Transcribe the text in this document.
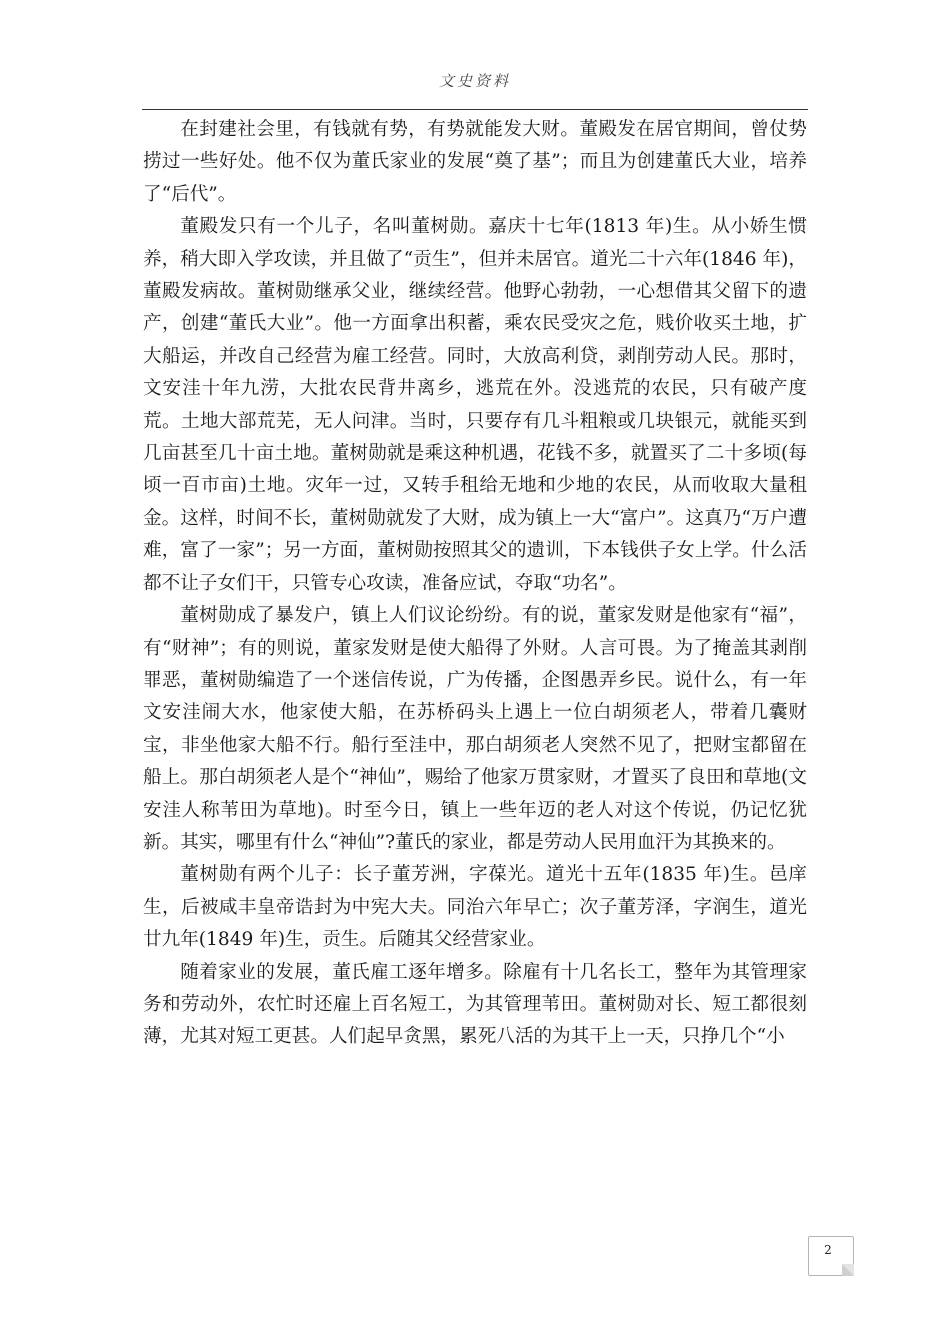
文史资料

在封建社会里，有钱就有势，有势就能发大财。董殿发在居官期间，曾仗势捞过一些好处。他不仅为董氏家业的发展“奠了基”；而且为创建董氏大业，培养了“后代”。

董殿发只有一个儿子，名叫董树勋。嘉庆十七年(1813 年)生。从小娇生惯养，稍大即入学攻读，并且做了“贡生”，但并未居官。道光二十六年(1846 年)，董殿发病故。董树勋继承父业，继续经营。他野心勃勃，一心想借其父留下的遗产，创建“董氏大业”。他一方面拿出积蓄，乘农民受灾之危，贱价收买土地，扩大船运，并改自己经营为雇工经营。同时，大放高利贷，剥削劳动人民。那时，文安洼十年九涝，大批农民背井离乡，逃荒在外。没逃荒的农民，只有破产度荒。土地大部荒芜，无人问津。当时，只要存有几斗粗粮或几块银元，就能买到几亩甚至几十亩土地。董树勋就是乘这种机遇，花钱不多，就置买了二十多顷(每顷一百市亩)土地。灾年一过，又转手租给无地和少地的农民，从而收取大量租金。这样，时间不长，董树勋就发了大财，成为镇上一大“富户”。这真乃“万户遭难，富了一家”；另一方面，董树勋按照其父的遗训，下本钱供子女上学。什么活都不让子女们干，只管专心攻读，准备应试，夺取“功名”。

董树勋成了暴发户，镇上人们议论纷纷。有的说，董家发财是他家有“福”，有“财神”；有的则说，董家发财是使大船得了外财。人言可畏。为了掩盖其剥削罪恶，董树勋编造了一个迷信传说，广为传播，企图愚弄乡民。说什么，有一年文安洼闹大水，他家使大船，在苏桥码头上遇上一位白胡须老人，带着几囊财宝，非坐他家大船不行。船行至洼中，那白胡须老人突然不见了，把财宝都留在船上。那白胡须老人是个“神仙”，赐给了他家万贯家财，才置买了良田和草地(文安洼人称苇田为草地)。时至今日，镇上一些年迈的老人对这个传说，仍记忆犹新。其实，哪里有什么“神仙”?董氏的家业，都是劳动人民用血汗为其换来的。

董树勋有两个儿子：长子董芳洲，字葆光。道光十五年(1835 年)生。邑庠生，后被咸丰皇帝诰封为中宪大夫。同治六年早亡；次子董芳泽，字润生，道光廿九年(1849 年)生，贡生。后随其父经营家业。

随着家业的发展，董氏雇工逐年增多。除雇有十几名长工，整年为其管理家务和劳动外，农忙时还雇上百名短工，为其管理苇田。董树勋对长、短工都很刻薄，尤其对短工更甚。人们起早贪黑，累死八活的为其干上一天，只挣几个“小

2
